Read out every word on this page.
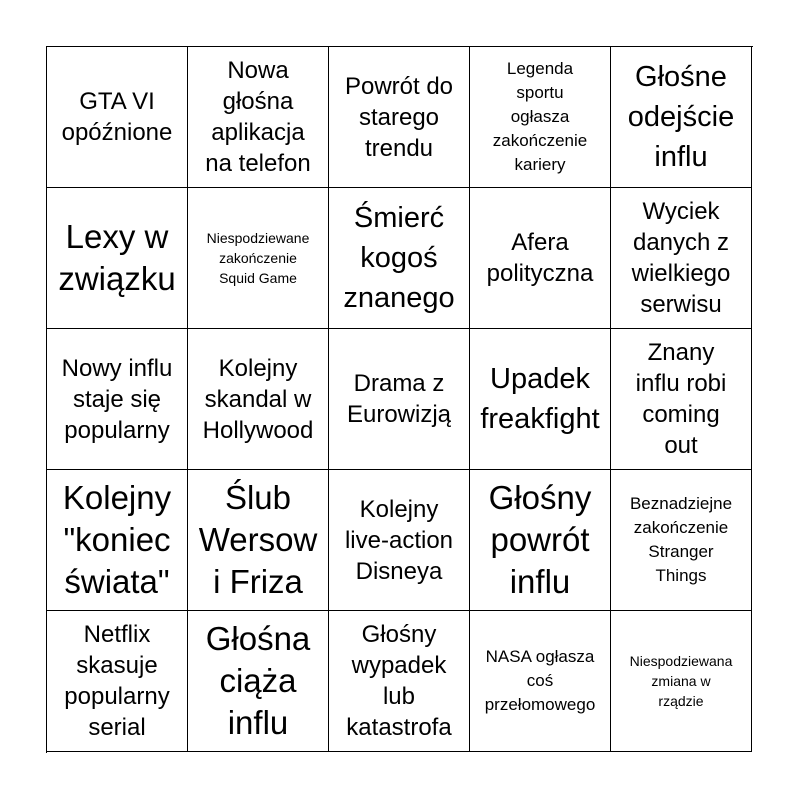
GTA VI
opóźnione
Nowa
głośna
aplikacja
na telefon
Powrót do
starego
trendu
Legenda
sportu
ogłasza
zakończenie
kariery
Głośne
odejście
influ
Lexy w
związku
Niespodziewane
zakończenie
Squid Game
Śmierć
kogoś
znanego
Afera
polityczna
Wyciek
danych z
wielkiego
serwisu
Nowy influ
staje się
popularny
Kolejny
skandal w
Hollywood
Drama z
Eurowizją
Upadek
freakfight
Znany
influ robi
coming
out
Kolejny
"koniec
świata"
Ślub
Wersow
i Friza
Kolejny
live-action
Disneya
Głośny
powrót
influ
Beznadziejne
zakończenie
Stranger
Things
Netflix
skasuje
popularny
serial
Głośna
ciąża
influ
Głośny
wypadek
lub
katastrofa
NASA ogłasza
coś
przełomowego
Niespodziewana
zmiana w
rządzie
